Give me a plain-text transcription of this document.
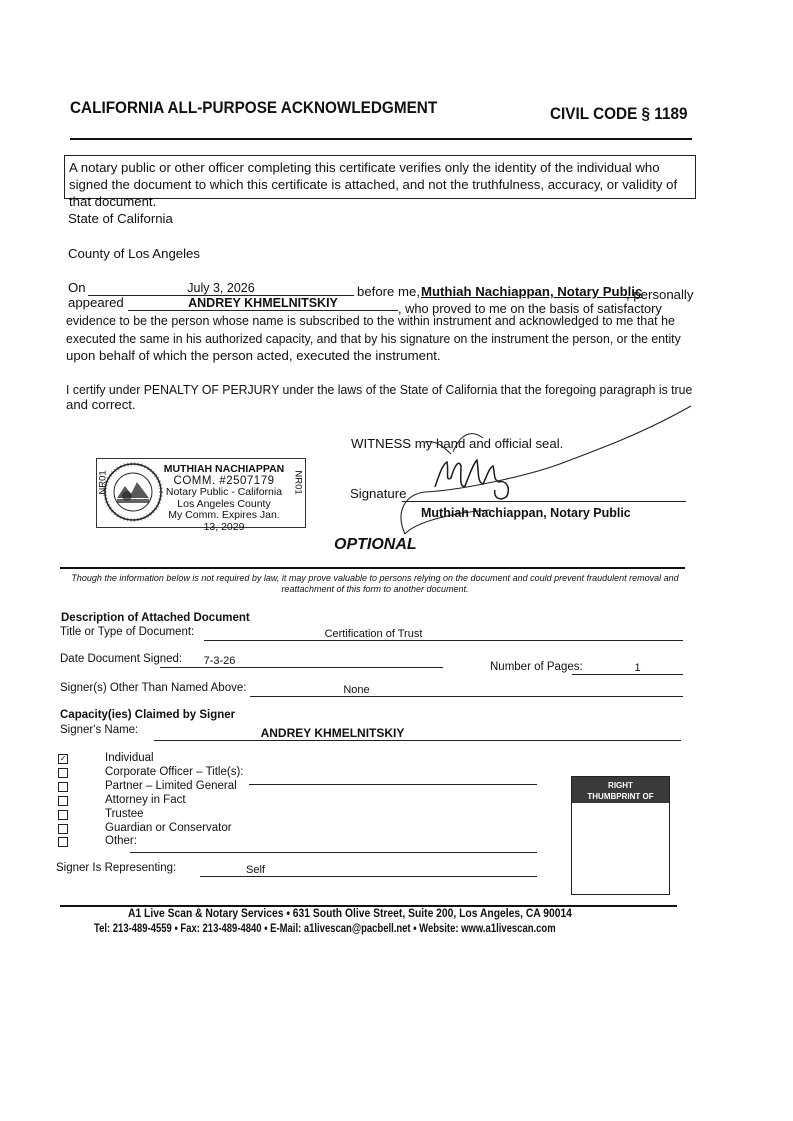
CALIFORNIA ALL-PURPOSE ACKNOWLEDGMENT	CIVIL CODE § 1189
A notary public or other officer completing this certificate verifies only the identity of the individual who signed the document to which this certificate is attached, and not the truthfulness, accuracy, or validity of that document.
State of California
County of Los Angeles
On	July 3, 2026	before me, Muthiah Nachiappan, Notary Public
, personally
appeared	ANDREY KHMELNITSKIY	, who proved to me on the basis of satisfactory
evidence to be the person whose name is subscribed to the within instrument and acknowledged to me that he
executed the same in his authorized capacity, and that by his signature on the instrument the person, or the entity
upon behalf of which the person acted, executed the instrument.
I certify under PENALTY OF PERJURY under the laws of the State of California that the foregoing paragraph is true
and correct.
WITNESS my hand and official seal.
Signature
Muthiah Nachiappan, Notary Public
MUTHIAH NACHIAPPAN
COMM. #2507179
Notary Public - California
Los Angeles County
My Comm. Expires Jan. 13, 2029
NR01	NR01
OPTIONAL
Though the information below is not required by law, it may prove valuable to persons relying on the document and could prevent fraudulent removal and reattachment of this form to another document.
Description of Attached Document
Title or Type of Document:	Certification of Trust
Date Document Signed:	7-3-26	Number of Pages:	1
Signer(s) Other Than Named Above:	None
Capacity(ies) Claimed by Signer
Signer's Name:	ANDREY KHMELNITSKIY
✓	Individual
Corporate Officer – Title(s):
Partner – Limited General
Attorney in Fact
Trustee
Guardian or Conservator
Other:
Signer Is Representing:	Self
RIGHT
THUMBPRINT OF
A1 Live Scan & Notary Services • 631 South Olive Street, Suite 200, Los Angeles, CA 90014
Tel: 213-489-4559 • Fax: 213-489-4840 • E-Mail: a1livescan@pacbell.net • Website: www.a1livescan.com
